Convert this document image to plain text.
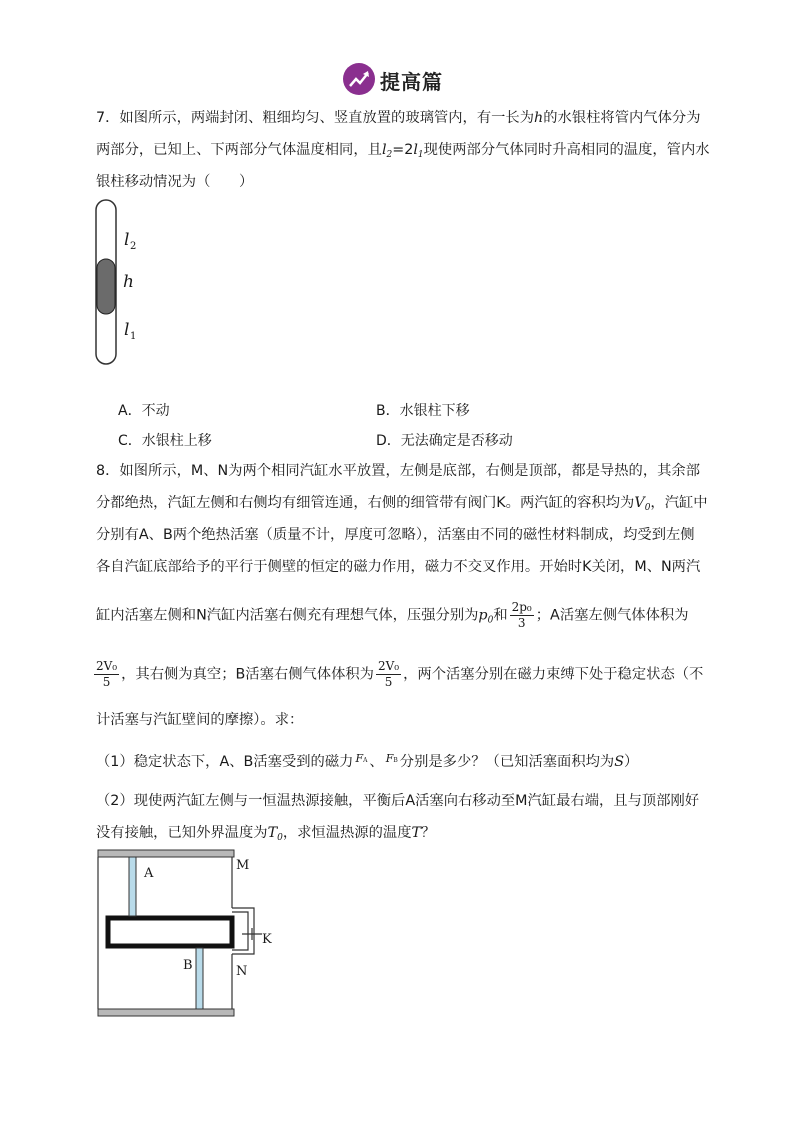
提高篇
7．如图所示，两端封闭、粗细均匀、竖直放置的玻璃管内，有一长为h的水银柱将管内气体分为
两部分，已知上、下两部分气体温度相同，且$l_2=2l_1$现使两部分气体同时升高相同的温度，管内水
银柱移动情况为（　　）
l 2
h
l 1
A．不动	B．水银柱下移
C．水银柱上移	D．无法确定是否移动
8．如图所示，M、N为两个相同汽缸水平放置，左侧是底部，右侧是顶部，都是导热的，其余部
分都绝热，汽缸左侧和右侧均有细管连通，右侧的细管带有阀门K。两汽缸的容积均为$V_0$，汽缸中
分别有A、B两个绝热活塞（质量不计，厚度可忽略），活塞由不同的磁性材料制成，均受到左侧
各自汽缸底部给予的平行于侧壁的恒定的磁力作用，磁力不交叉作用。开始时K关闭，M、N两汽
缸内活塞左侧和N汽缸内活塞右侧充有理想气体，压强分别为$p_0$和 $\frac{\text{2p₀}}{3}$ ；A活塞左侧气体体积为
$\frac{\text{2V₀}}{5}$ ，其右侧为真空；B活塞右侧气体体积为 $\frac{\text{2V₀}}{5}$ ，两个活塞分别在磁力束缚下处于稳定状态（不
计活塞与汽缸壁间的摩擦）。求：
（1）稳定状态下，A、B活塞受到的磁力 FA 、 FB 分别是多少？（已知活塞面积均为S）
（2）现使两汽缸左侧与一恒温热源接触，平衡后A活塞向右移动至M汽缸最右端，且与顶部刚好
没有接触，已知外界温度为$T_0$，求恒温热源的温度T？
A
M
B	N
K
